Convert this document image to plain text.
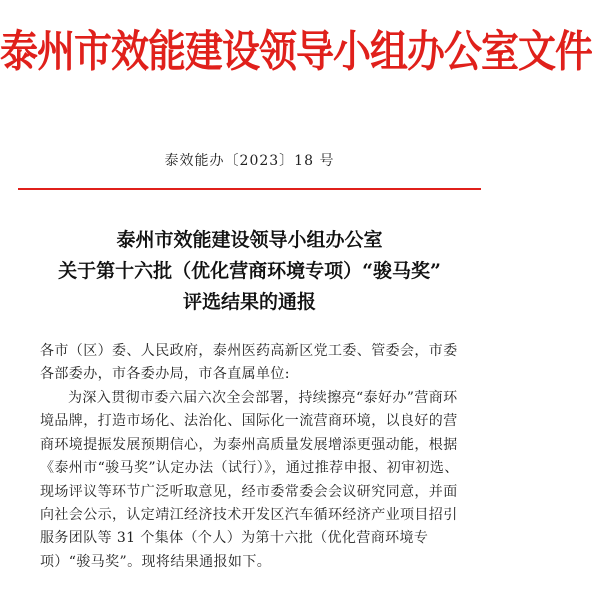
泰州市效能建设领导小组办公室文件
泰效能办〔2023〕18 号
泰州市效能建设领导小组办公室
关于第十六批（优化营商环境专项）“骏马奖”
评选结果的通报
各市（区）委、人民政府，泰州医药高新区党工委、管委会，市委各部委办，市各委办局，市各直属单位:
为深入贯彻市委六届六次全会部署，持续擦亮“泰好办”营商环境品牌，打造市场化、法治化、国际化一流营商环境，以良好的营商环境提振发展预期信心，为泰州高质量发展增添更强动能，根据《泰州市“骏马奖”认定办法（试行）》，通过推荐申报、初审初选、现场评议等环节广泛听取意见，经市委常委会会议研究同意，并面向社会公示，认定靖江经济技术开发区汽车循环经济产业项目招引服务团队等 31 个集体（个人）为第十六批（优化营商环境专项）“骏马奖”。现将结果通报如下。
